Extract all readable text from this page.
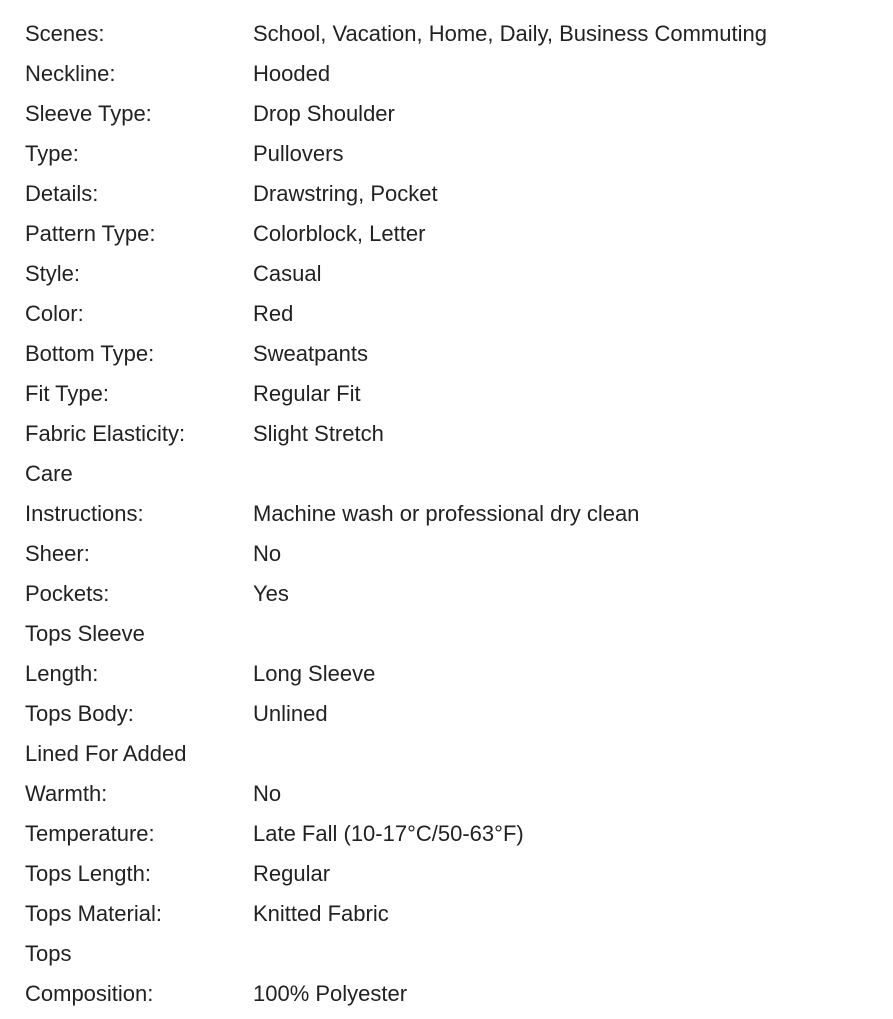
Scenes:	School, Vacation, Home, Daily, Business Commuting
Neckline:	Hooded
Sleeve Type:	Drop Shoulder
Type:	Pullovers
Details:	Drawstring, Pocket
Pattern Type:	Colorblock, Letter
Style:	Casual
Color:	Red
Bottom Type:	Sweatpants
Fit Type:	Regular Fit
Fabric Elasticity:	Slight Stretch
Care
Instructions:	Machine wash or professional dry clean
Sheer:	No
Pockets:	Yes
Tops Sleeve
Length:	Long Sleeve
Tops Body:	Unlined
Lined For Added
Warmth:	No
Temperature:	Late Fall (10-17°C/50-63°F)
Tops Length:	Regular
Tops Material:	Knitted Fabric
Tops
Composition:	100% Polyester
